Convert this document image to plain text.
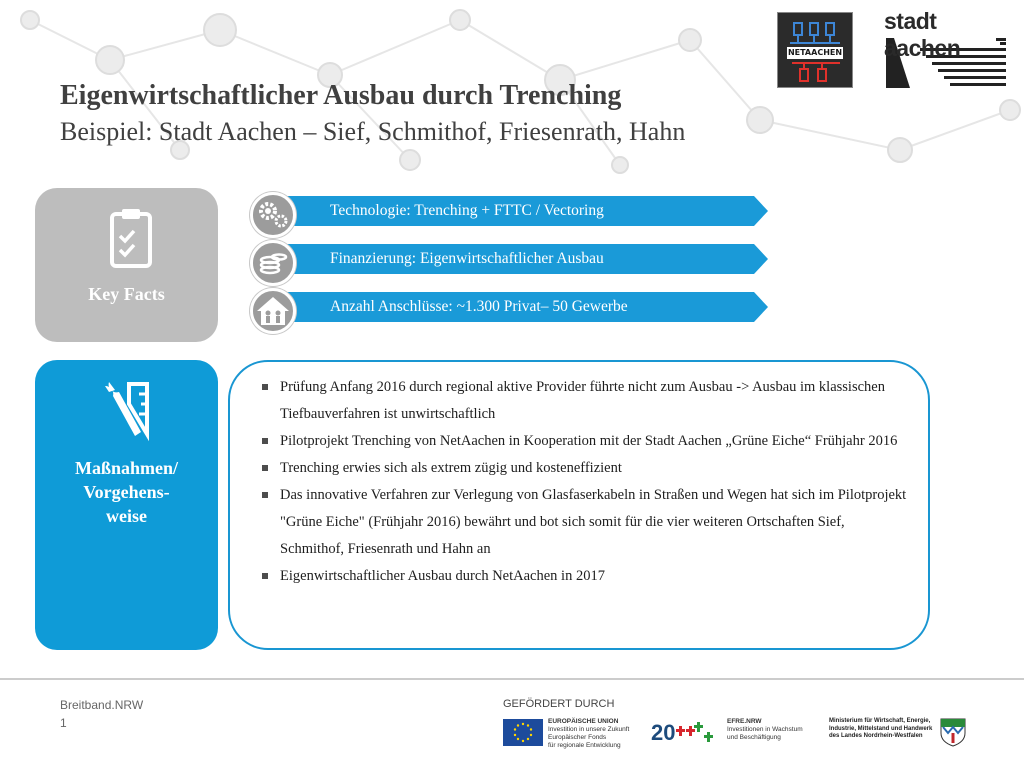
NETAACHEN
stadt aachen
Eigenwirtschaftlicher Ausbau durch Trenching
Beispiel: Stadt Aachen – Sief, Schmithof, Friesenrath, Hahn
Key Facts
Technologie: Trenching + FTTC / Vectoring
Finanzierung: Eigenwirtschaftlicher Ausbau
Anzahl Anschlüsse: ~1.300 Privat– 50 Gewerbe
Maßnahmen/
Vorgehens-
weise
Prüfung Anfang 2016 durch regional aktive Provider führte nicht zum Ausbau -> Ausbau im klassischen Tiefbauverfahren ist unwirtschaftlich
Pilotprojekt Trenching von NetAachen in Kooperation mit der Stadt Aachen „Grüne Eiche“ Frühjahr 2016
Trenching erwies sich als extrem zügig und kosteneffizient
Das innovative Verfahren zur Verlegung von Glasfaserkabeln in Straßen und Wegen hat sich im Pilotprojekt "Grüne Eiche" (Frühjahr 2016) bewährt und bot sich somit für die vier weiteren Ortschaften Sief, Schmithof, Friesenrath und Hahn an
Eigenwirtschaftlicher Ausbau durch NetAachen in 2017
Breitband.NRW
1
GEFÖRDERT DURCH
EUROPÄISCHE UNION
Investition in unsere Zukunft
Europäischer Fonds
für regionale Entwicklung
20	EFRE.NRW
Investitionen in Wachstum
und Beschäftigung
Ministerium für Wirtschaft, Energie,
Industrie, Mittelstand und Handwerk
des Landes Nordrhein-Westfalen
